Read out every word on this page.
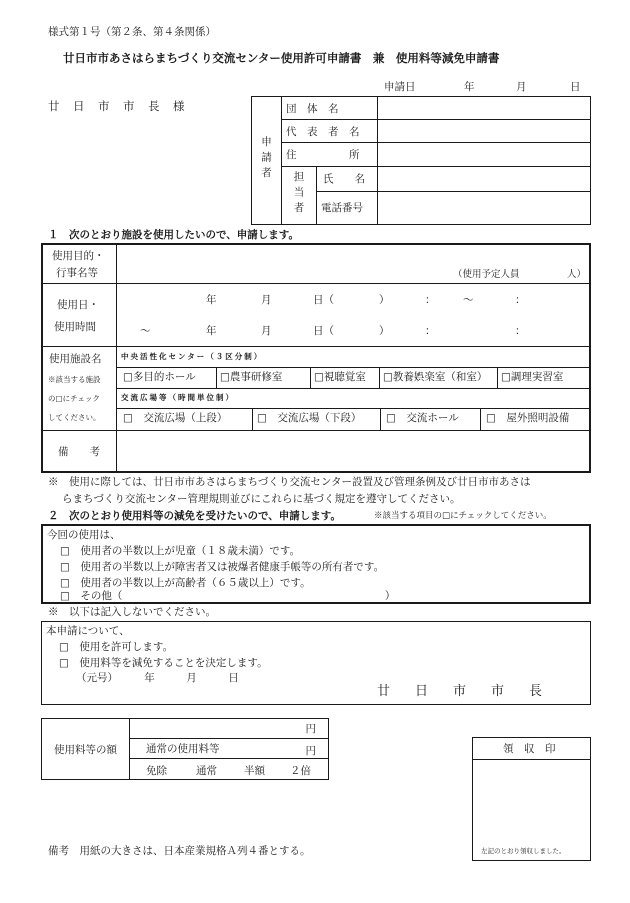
様式第１号（第２条、第４条関係）
廿日市市あさはらまちづくり交流センター使用許可申請書　兼　使用料等減免申請書
申請日	年	月	日
廿　日　市　市　長　様
申請者	団　体　名		
	代　表　者　名		
	住　　　　　所		
	担当者	氏　　名	
		電話番号	
１　次のとおり施設を使用したいので、申請します。
使用目的・
行事名等	（使用予定人員　　　　　人）
使用日・
使用時間
年	月	日（	）	：	～	：
～	年	月	日（	）	：	：
使用施設名
※該当する施設
の□にチェック
してください。
中央活性化センター（３区分制）
□多目的ホール □農事研修室	□視聴覚室 □教養娯楽室（和室） □調理実習室
交流広場等（時間単位制）
□　交流広場（上段）	□　交流広場（下段） □　交流ホール	□　屋外照明設備
備　　考
※　使用に際しては、廿日市市あさはらまちづくり交流センター設置及び管理条例及び廿日市市あさは
らまちづくり交流センター管理規則並びにこれらに基づく規定を遵守してください。
２　次のとおり使用料等の減免を受けたいので、申請します。	※該当する項目の□にチェックしてください。
今回の使用は、
□　使用者の半数以上が児童（１８歳未満）です。
□　使用者の半数以上が障害者又は被爆者健康手帳等の所有者です。
□　使用者の半数以上が高齢者（６５歳以上）です。
□　その他（　　　　　　　　　　　　　　　　　　　　　　　　　）
※　以下は記入しないでください。
本申請について、
□　使用を許可します。
□　使用料等を減免することを決定します。
（元号）　　　年　　　月　　　日
廿　日　市　市　長
使用料等の額	円
通常の使用料等	円

免除	通常	半額 ２倍
領　収　印
左記のとおり領収しました。
備考　用紙の大きさは、日本産業規格Ａ列４番とする。
